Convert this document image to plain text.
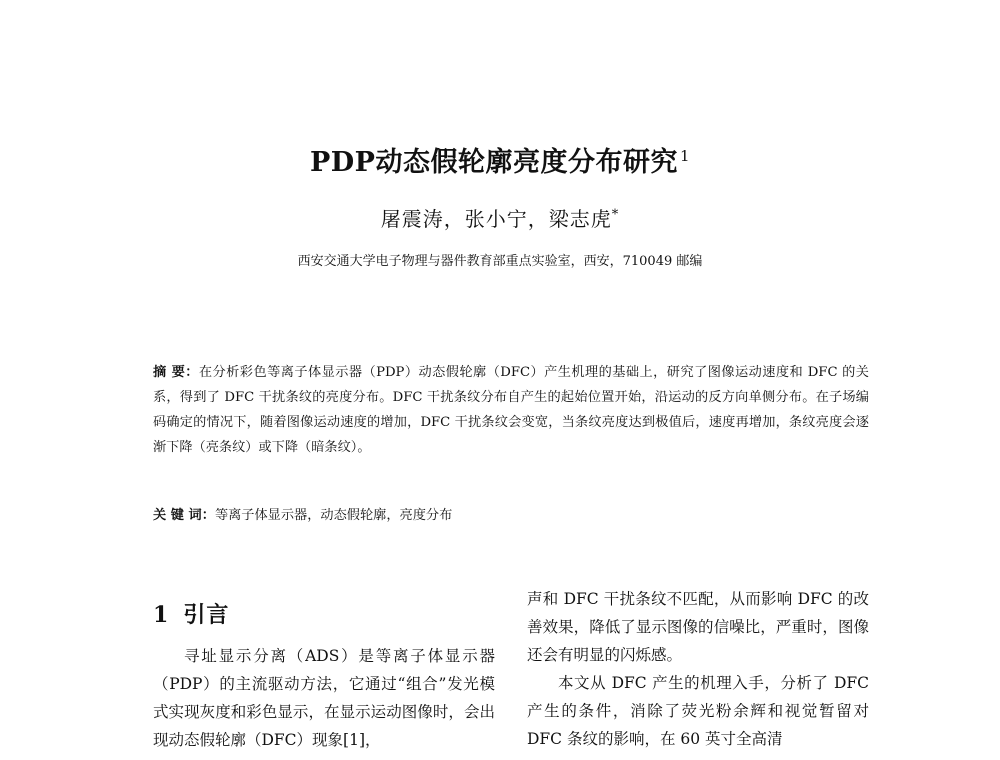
PDP动态假轮廓亮度分布研究 $^1$
屠震涛，张小宁，梁志虎*
西安交通大学电子物理与器件教育部重点实验室，西安，710049 邮编
摘 要：在分析彩色等离子体显示器（PDP）动态假轮廓（DFC）产生机理的基础上，研究了图像运动速度和 DFC 的关系，得到了 DFC 干扰条纹的亮度分布。DFC 干扰条纹分布自产生的起始位置开始，沿运动的反方向单侧分布。在子场编码确定的情况下，随着图像运动速度的增加，DFC 干扰条纹会变宽，当条纹亮度达到极值后，速度再增加，条纹亮度会逐渐下降（亮条纹）或下降（暗条纹）。
关 键 词：等离子体显示器，动态假轮廓，亮度分布
1 引言

寻址显示分离（ADS）是等离子体显示器（PDP）的主流驱动方法，它通过“组合”发光模式实现灰度和彩色显示，在显示运动图像时，会出现动态假轮廓（DFC）现象[1]，

声和 DFC 干扰条纹不匹配，从而影响 DFC 的改善效果，降低了显示图像的信噪比，严重时，图像还会有明显的闪烁感。

本文从 DFC 产生的机理入手，分析了 DFC 产生的条件，消除了荧光粉余辉和视觉暂留对 DFC 条纹的影响，在 60 英寸全高清
